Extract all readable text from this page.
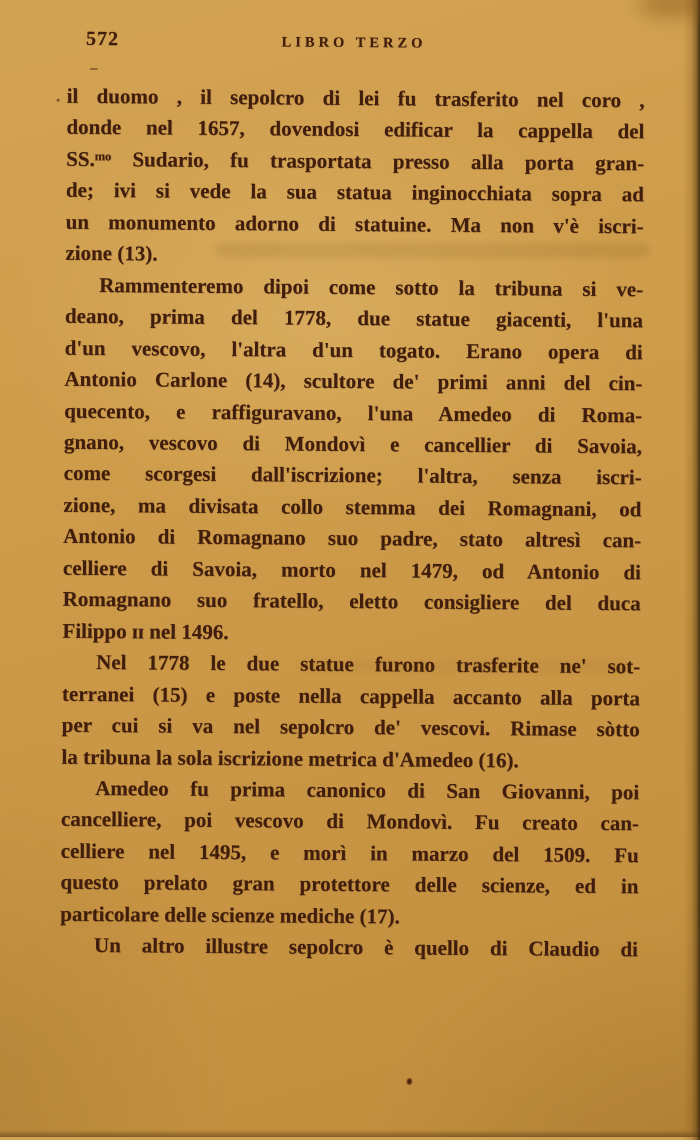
572	LIBRO TERZO
il duomo , il sepolcro di lei fu trasferito nel coro ,
donde nel 1657, dovendosi edificar la cappella del
SS.ᵐᵒ Sudario, fu trasportata presso alla porta gran-
de; ivi si vede la sua statua inginocchiata sopra ad
un monumento adorno di statuine. Ma non v'è iscri-
zione (13).
Rammenteremo dipoi come sotto la tribuna si ve-
deano, prima del 1778, due statue giacenti, l'una
d'un vescovo, l'altra d'un togato. Erano opera di
Antonio Carlone (14), scultore de' primi anni del cin-
quecento, e raffiguravano, l'una Amedeo di Roma-
gnano, vescovo di Mondovì e cancellier di Savoia,
come scorgesi dall'iscrizione; l'altra, senza iscri-
zione, ma divisata collo stemma dei Romagnani, od
Antonio di Romagnano suo padre, stato altresì can-
celliere di Savoia, morto nel 1479, od Antonio di
Romagnano suo fratello, eletto consigliere del duca
Filippo ɪɪ nel 1496.
Nel 1778 le due statue furono trasferite ne' sot-
terranei (15) e poste nella cappella accanto alla porta
per cui si va nel sepolcro de' vescovi. Rimase sòtto
la tribuna la sola iscrizione metrica d'Amedeo (16).
Amedeo fu prima canonico di San Giovanni, poi
cancelliere, poi vescovo di Mondovì. Fu creato can-
celliere nel 1495, e morì in marzo del 1509. Fu
questo prelato gran protettore delle scienze, ed in
particolare delle scienze mediche (17).
Un altro illustre sepolcro è quello di Claudio di
